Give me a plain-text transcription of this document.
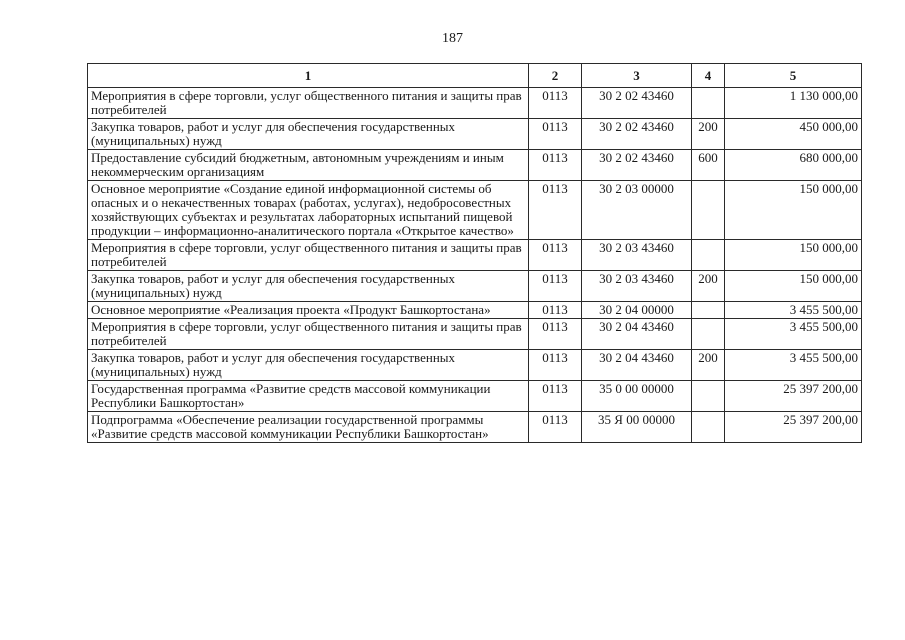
187
1	2	3	4	5
Мероприятия в сфере торговли, услуг общественного питания и защиты прав потребителей	0113	30 2 02 43460		1 130 000,00
Закупка товаров, работ и услуг для обеспечения государственных (муниципальных) нужд	0113	30 2 02 43460	200	450 000,00
Предоставление субсидий бюджетным, автономным учреждениям и иным некоммерческим организациям	0113	30 2 02 43460	600	680 000,00
Основное мероприятие «Создание единой информационной системы об опасных и о некачественных товарах (работах, услугах), недобросовестных хозяйствующих субъектах и результатах лабораторных испытаний пищевой продукции – информационно-аналитического портала «Открытое качество»	0113	30 2 03 00000		150 000,00
Мероприятия в сфере торговли, услуг общественного питания и защиты прав потребителей	0113	30 2 03 43460		150 000,00
Закупка товаров, работ и услуг для обеспечения государственных (муниципальных) нужд	0113	30 2 03 43460	200	150 000,00
Основное мероприятие «Реализация проекта «Продукт Башкортостана»	0113	30 2 04 00000		3 455 500,00
Мероприятия в сфере торговли, услуг общественного питания и защиты прав потребителей	0113	30 2 04 43460		3 455 500,00
Закупка товаров, работ и услуг для обеспечения государственных (муниципальных) нужд	0113	30 2 04 43460	200	3 455 500,00
Государственная программа «Развитие средств массовой коммуникации Республики Башкортостан»	0113	35 0 00 00000		25 397 200,00
Подпрограмма «Обеспечение реализации государственной программы «Развитие средств массовой коммуникации Республики Башкортостан»	0113	35 Я 00 00000		25 397 200,00
